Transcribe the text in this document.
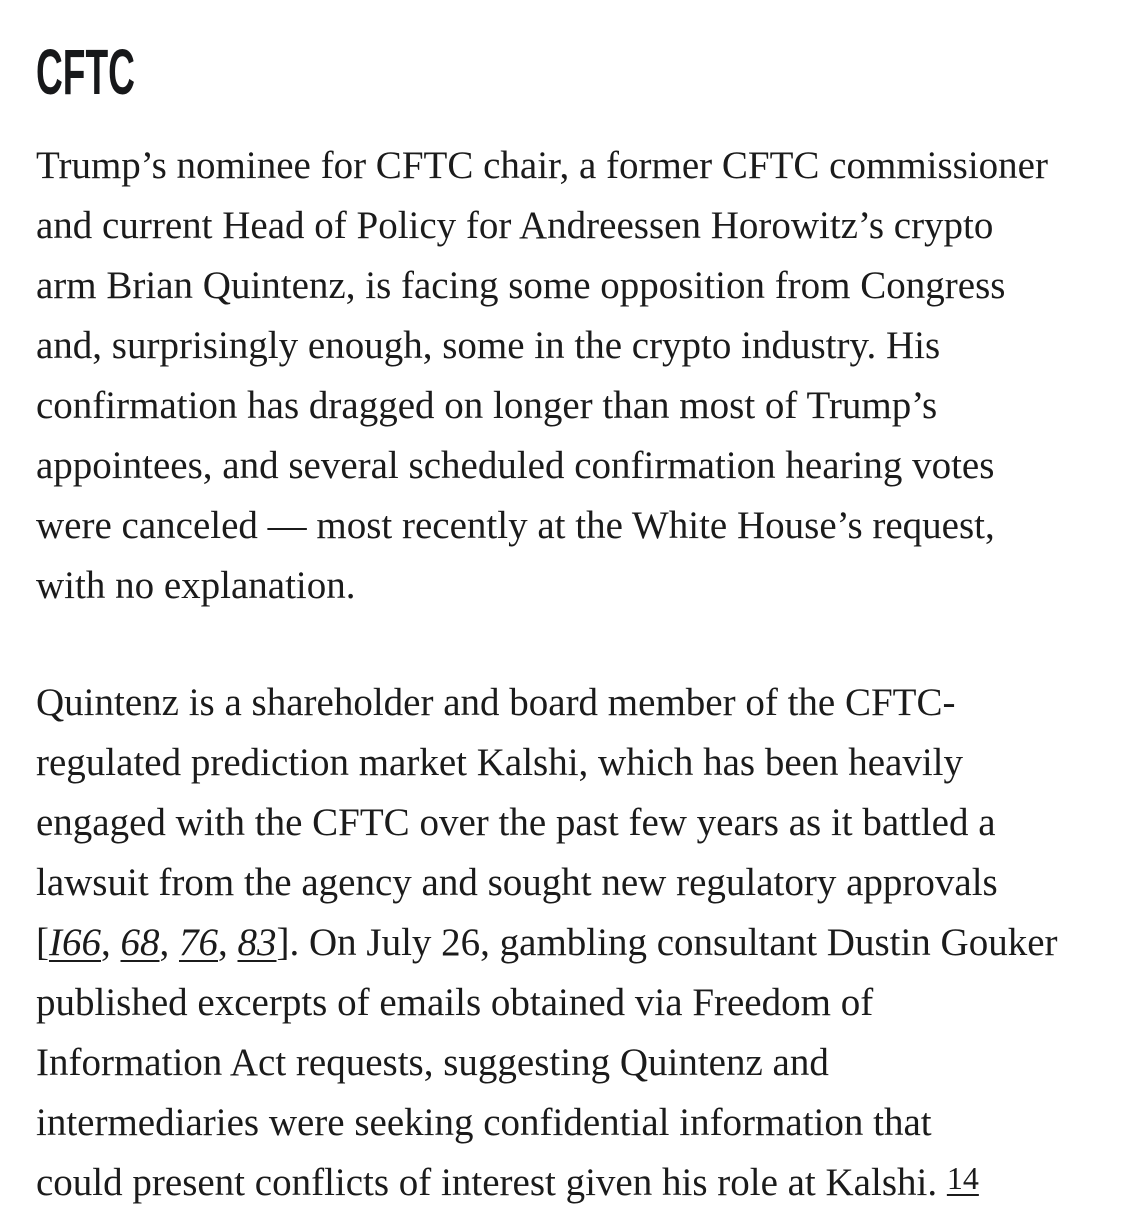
CFTC

Trump’s nominee for CFTC chair, a former CFTC commissioner
and current Head of Policy for Andreessen Horowitz’s crypto
arm Brian Quintenz, is facing some opposition from Congress
and, surprisingly enough, some in the crypto industry. His
confirmation has dragged on longer than most of Trump’s
appointees, and several scheduled confirmation hearing votes
were canceled — most recently at the White House’s request,
with no explanation.

Quintenz is a shareholder and board member of the CFTC-
regulated prediction market Kalshi, which has been heavily
engaged with the CFTC over the past few years as it battled a
lawsuit from the agency and sought new regulatory approvals
[I66, 68, 76, 83]. On July 26, gambling consultant Dustin Gouker
published excerpts of emails obtained via Freedom of
Information Act requests, suggesting Quintenz and
intermediaries were seeking confidential information that
could present conflicts of interest given his role at Kalshi. 14
